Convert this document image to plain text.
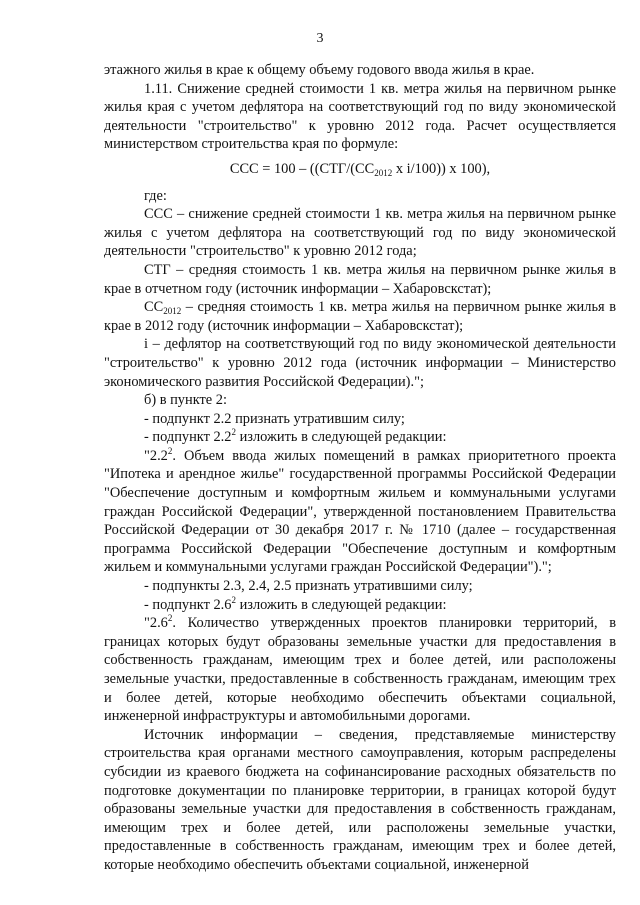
3

этажного жилья в крае к общему объему годового ввода жилья в крае.

1.11. Снижение средней стоимости 1 кв. метра жилья на первичном рынке жилья края с учетом дефлятора на соответствующий год по виду экономической деятельности "строительство" к уровню 2012 года. Расчет осуществляется министерством строительства края по формуле:

ССС = $100 - ((СТГ/(СС_{2012}$ x i/100)) x 100),

где:

ССС – снижение средней стоимости 1 кв. метра жилья на первичном рынке жилья с учетом дефлятора на соответствующий год по виду экономической деятельности "строительство" к уровню 2012 года;

СТГ – средняя стоимость 1 кв. метра жилья на первичном рынке жилья в крае в отчетном году (источник информации – Хабаровскстат);

$СС_{2012}$ – средняя стоимость 1 кв. метра жилья на первичном рынке жилья в крае в 2012 году (источник информации – Хабаровскстат);

i – дефлятор на соответствующий год по виду экономической деятельности "строительство" к уровню 2012 года (источник информации – Министерство экономического развития Российской Федерации).";

б) в пункте 2:

- подпункт 2.2 признать утратившим силу;

- подпункт $2.2^2$ изложить в следующей редакции:

"$2.2^2$. Объем ввода жилых помещений в рамках приоритетного проекта "Ипотека и арендное жилье" государственной программы Российской Федерации "Обеспечение доступным и комфортным жильем и коммунальными услугами граждан Российской Федерации", утвержденной постановлением Правительства Российской Федерации от 30 декабря 2017 г. № 1710 (далее – государственная программа Российской Федерации "Обеспечение доступным и комфортным жильем и коммунальными услугами граждан Российской Федерации").";

- подпункты 2.3, 2.4, 2.5 признать утратившими силу;

- подпункт $2.6^2$ изложить в следующей редакции:

"$2.6^2$. Количество утвержденных проектов планировки территорий, в границах которых будут образованы земельные участки для предоставления в собственность гражданам, имеющим трех и более детей, или расположены земельные участки, предоставленные в собственность гражданам, имеющим трех и более детей, которые необходимо обеспечить объектами социальной, инженерной инфраструктуры и автомобильными дорогами.

Источник информации – сведения, представляемые министерству строительства края органами местного самоуправления, которым распределены субсидии из краевого бюджета на софинансирование расходных обязательств по подготовке документации по планировке территории, в границах которой будут образованы земельные участки для предоставления в собственность гражданам, имеющим трех и более детей, или расположены земельные участки, предоставленные в собственность гражданам, имеющим трех и более детей, которые необходимо обеспечить объектами социальной, инженерной
